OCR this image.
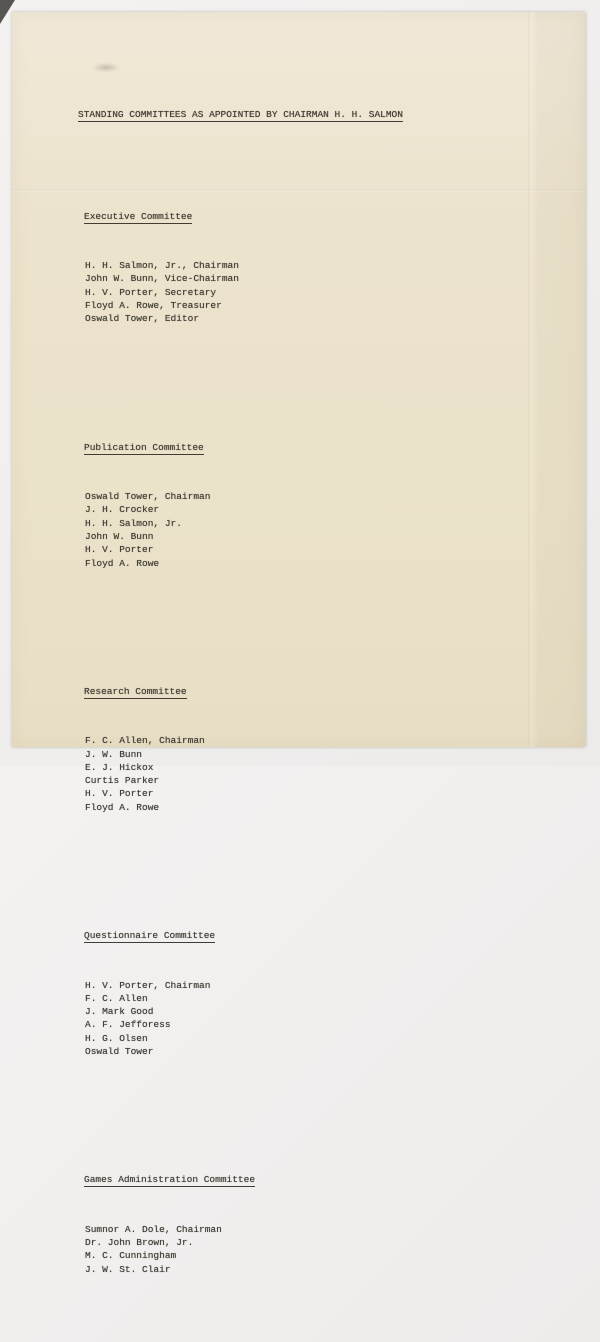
STANDING COMMITTEES AS APPOINTED BY CHAIRMAN H. H. SALMON

Executive Committee

H. H. Salmon, Jr., Chairman
John W. Bunn, Vice-Chairman
H. V. Porter, Secretary
Floyd A. Rowe, Treasurer
Oswald Tower, Editor

Publication Committee

Oswald Tower, Chairman
J. H. Crocker
H. H. Salmon, Jr.
John W. Bunn
H. V. Porter
Floyd A. Rowe

Research Committee

F. C. Allen, Chairman
J. W. Bunn
E. J. Hickox
Curtis Parker
H. V. Porter
Floyd A. Rowe

Questionnaire Committee

H. V. Porter, Chairman
F. C. Allen
J. Mark Good
A. F. Jefforess
H. G. Olsen
Oswald Tower

Games Administration Committee

Sumnor A. Dole, Chairman
Dr. John Brown, Jr.
M. C. Cunningham
J. W. St. Clair
